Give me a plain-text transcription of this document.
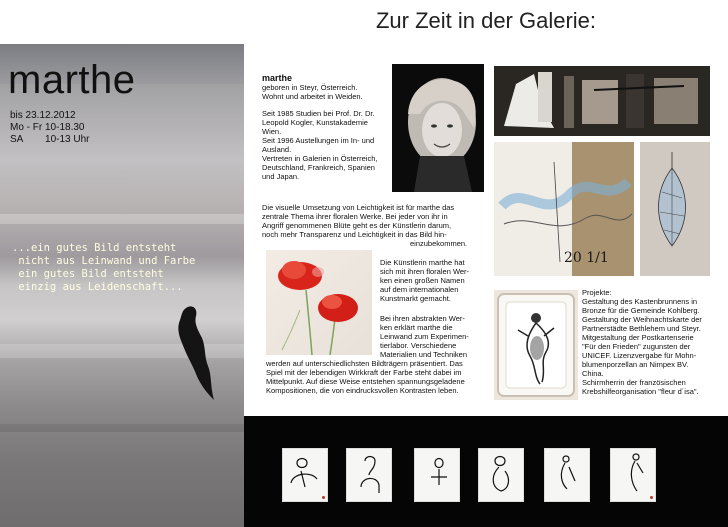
Zur Zeit in der Galerie:
marthe
bis 23.12.2012
Mo - Fr 10-18.30
SA        10-13 Uhr
...ein gutes Bild entsteht
nicht aus Leinwand und Farbe
ein gutes Bild entsteht
einzig aus Leidenschaft...

marthe
geboren in Steyr, Österreich.
Wohnt und arbeitet in Weiden.

Seit 1985 Studien bei Prof. Dr. Dr.
Leopold Kogler, Kunstakademie
Wien.
Seit 1996 Austellungen im In- und
Ausland.
Vertreten in Galerien in Österreich,
Deutschland, Frankreich, Spanien
und Japan.

Die visuelle Umsetzung von Leichtigkeit ist für marthe das
zentrale Thema ihrer floralen Werke. Bei jeder von ihr in
Angriff genommenen Blüte geht es der Künstlerin darum,
noch mehr Transparenz und Leichtigkeit in das Bild hin-
einzubekommen.
Die Künstlerin marthe hat
sich mit ihren floralen Wer-
ken einen großen Namen
auf dem internationalen
Kunstmarkt gemacht.
Bei ihren abstrakten Wer-
ken erklärt marthe die
Leinwand zum Experimen-
tierlabor. Verschiedene
Materialien und Techniken
werden auf unterschiedlichsten Bildträgern präsentiert. Das
Spiel mit der lebendigen Wirkkraft der Farbe steht dabei im
Mittelpunkt. Auf diese Weise entstehen spannungsgeladene
Kompositionen, die von eindrucksvollen Kontrasten leben.
20 1/1
Projekte:
Gestaltung des Kastenbrunnens in
Bronze für die Gemeinde Kohlberg.
Gestaltung der Weihnachtskarte der
Partnerstädte Bethlehem und Steyr.
Mitgestaltung der Postkartenserie
"Für den Frieden" zugunsten der
UNICEF. Lizenzvergabe für Mohn-
blumenporzellan an Nimpex BV.
China.
Schirmherrin der französischen
Krebshilfeorganisation "fleur d´isa".
